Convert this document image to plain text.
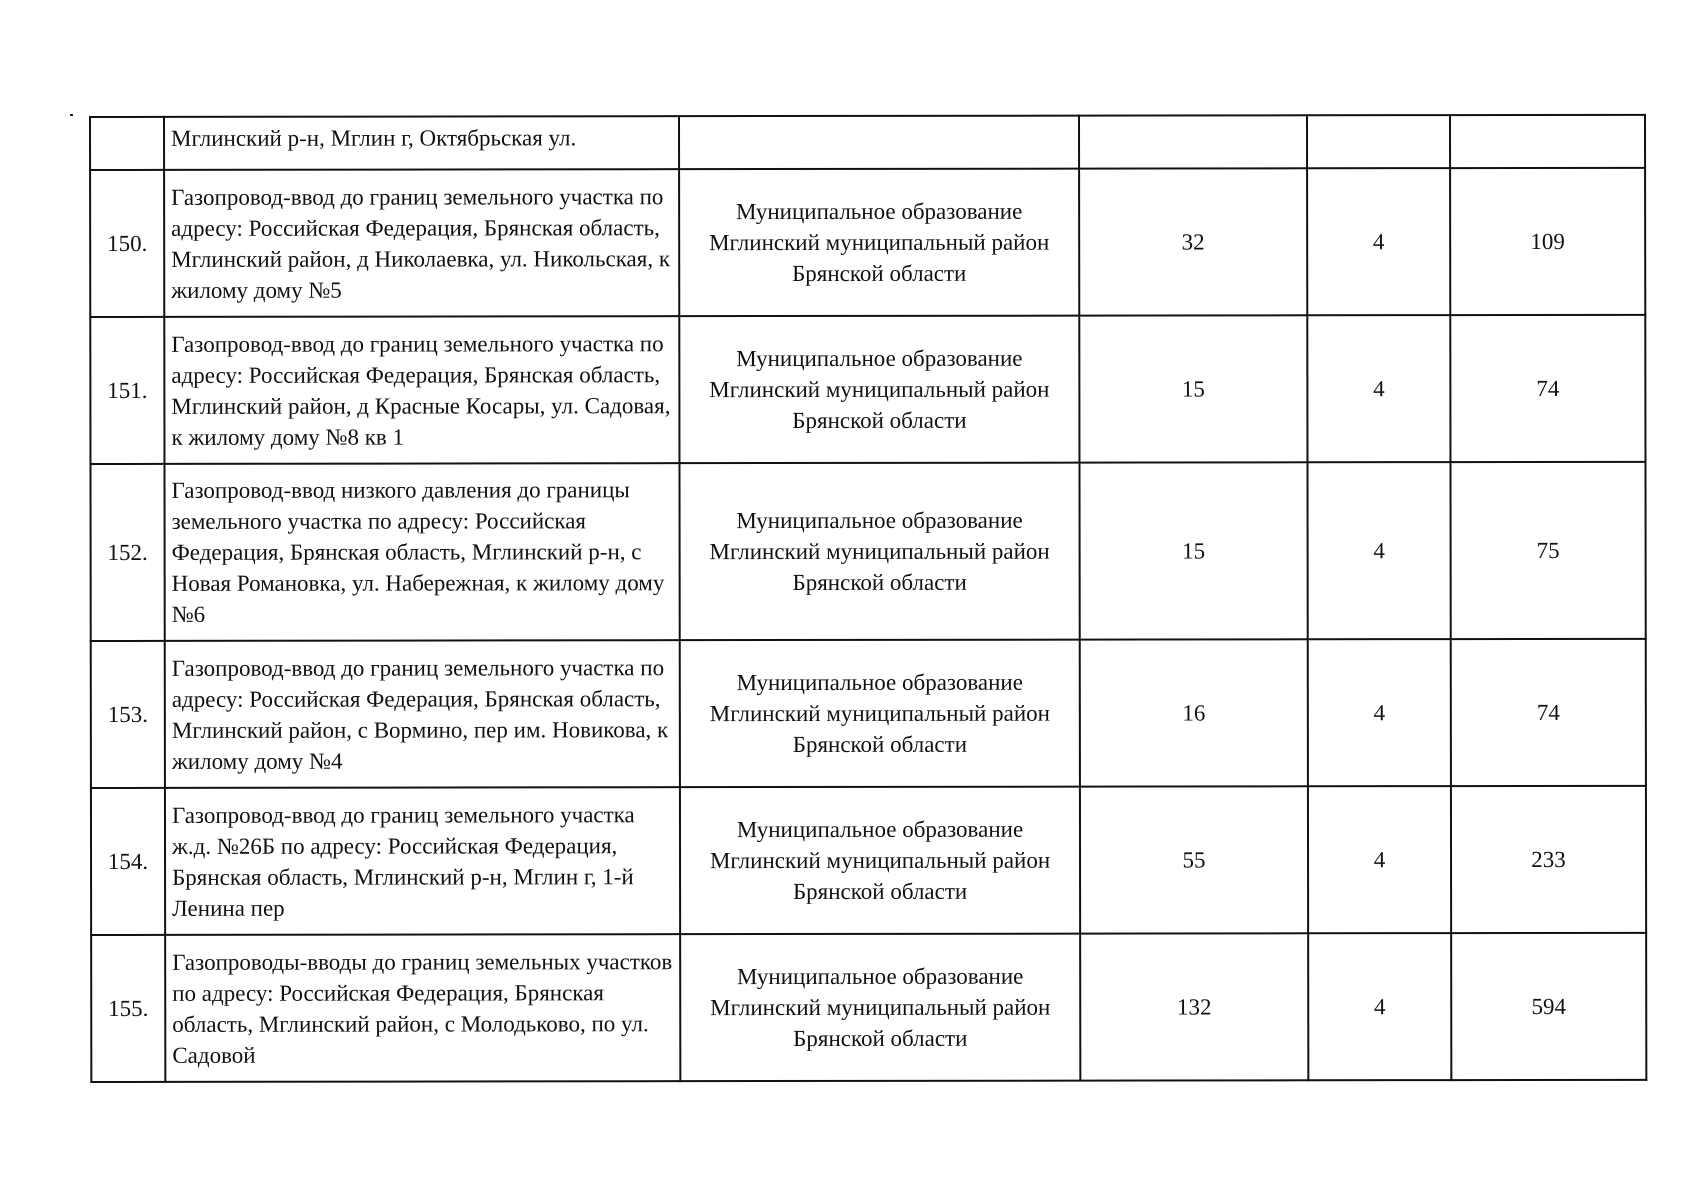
	Мглинский р-н, Мглин г, Октябрьская ул.				
150.	Газопровод-ввод до границ земельного участка по адресу: Российская Федерация, Брянская область, Мглинский район, д Николаевка, ул. Никольская, к жилому дому №5	Муниципальное образование
Мглинский муниципальный район
Брянской области	32	4	109
151.	Газопровод-ввод до границ земельного участка по адресу: Российская Федерация, Брянская область, Мглинский район, д Красные Косары, ул. Садовая, к жилому дому №8 кв 1	Муниципальное образование
Мглинский муниципальный район
Брянской области	15	4	74
152.	Газопровод-ввод низкого давления до границы земельного участка по адресу: Российская Федерация, Брянская область, Мглинский р-н, с Новая Романовка, ул. Набережная, к жилому дому №6	Муниципальное образование
Мглинский муниципальный район
Брянской области	15	4	75
153.	Газопровод-ввод до границ земельного участка по адресу: Российская Федерация, Брянская область, Мглинский район, с Вормино, пер им. Новикова, к жилому дому №4	Муниципальное образование
Мглинский муниципальный район
Брянской области	16	4	74
154.	Газопровод-ввод до границ земельного участка ж.д. №26Б по адресу: Российская Федерация, Брянская область, Мглинский р-н, Мглин г, 1-й Ленина пер	Муниципальное образование
Мглинский муниципальный район
Брянской области	55	4	233
155.	Газопроводы-вводы до границ земельных участков по адресу: Российская Федерация, Брянская область, Мглинский район, с Молодьково, по ул. Садовой	Муниципальное образование
Мглинский муниципальный район
Брянской области	132	4	594
